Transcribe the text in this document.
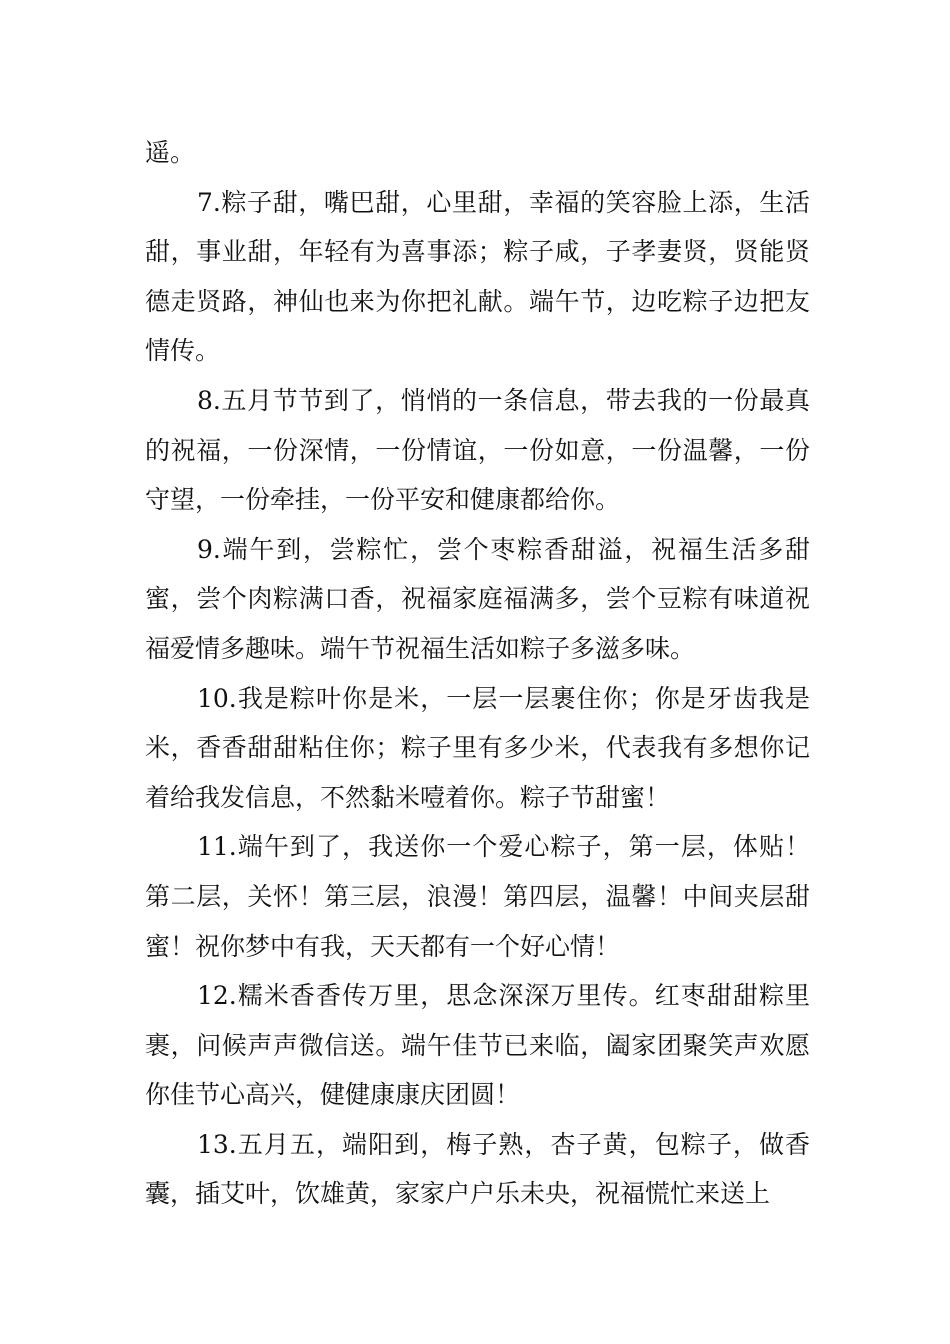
遥。

7.粽子甜，嘴巴甜，心里甜，幸福的笑容脸上添，生活甜，事业甜，年轻有为喜事添；粽子咸，子孝妻贤，贤能贤德走贤路，神仙也来为你把礼献。端午节，边吃粽子边把友情传。

8.五月节节到了，悄悄的一条信息，带去我的一份最真的祝福，一份深情，一份情谊，一份如意，一份温馨，一份守望，一份牵挂，一份平安和健康都给你。

9.端午到，尝粽忙，尝个枣粽香甜溢，祝福生活多甜蜜，尝个肉粽满口香，祝福家庭福满多，尝个豆粽有味道祝福爱情多趣味。端午节祝福生活如粽子多滋多味。

10.我是粽叶你是米，一层一层裹住你；你是牙齿我是米，香香甜甜粘住你；粽子里有多少米，代表我有多想你记着给我发信息，不然黏米噎着你。粽子节甜蜜！

11.端午到了，我送你一个爱心粽子，第一层，体贴！第二层，关怀！第三层，浪漫！第四层，温馨！中间夹层甜蜜！祝你梦中有我，天天都有一个好心情！

12.糯米香香传万里，思念深深万里传。红枣甜甜粽里裹，问候声声微信送。端午佳节已来临，阖家团聚笑声欢愿你佳节心高兴，健健康康庆团圆！

13.五月五，端阳到，梅子熟，杏子黄，包粽子，做香囊，插艾叶，饮雄黄，家家户户乐未央，祝福慌忙来送上
